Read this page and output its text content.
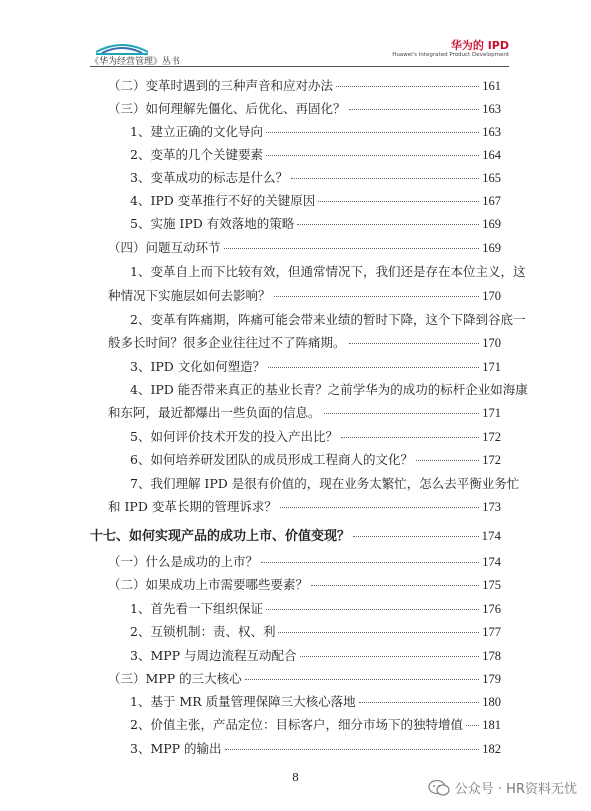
《华为经营管理》丛书
华为的 IPD
Huawei's Integrated Product Development
（二）变革时遇到的三种声音和应对办法	161
（三）如何理解先僵化、后优化、再固化？	163
1、建立正确的文化导向	163
2、变革的几个关键要素	164
3、变革成功的标志是什么？	165
4、IPD 变革推行不好的关键原因	167
5、实施 IPD 有效落地的策略	169
（四）问题互动环节	169
1、变革自上而下比较有效，但通常情况下，我们还是存在本位主义，这
种情况下实施层如何去影响？	170
2、变革有阵痛期，阵痛可能会带来业绩的暂时下降，这个下降到谷底一
般多长时间？很多企业往往过不了阵痛期。	170
3、IPD 文化如何塑造？	171
4、IPD 能否带来真正的基业长青？之前学华为的成功的标杆企业如海康
和东阿，最近都爆出一些负面的信息。	171
5、如何评价技术开发的投入产出比？	172
6、如何培养研发团队的成员形成工程商人的文化？	172
7、我们理解 IPD 是很有价值的，现在业务太繁忙，怎么去平衡业务忙
和 IPD 变革长期的管理诉求？	173
十七、如何实现产品的成功上市、价值变现？	174
（一）什么是成功的上市？	174
（二）如果成功上市需要哪些要素？	175
1、首先看一下组织保证	176
2、互锁机制：责、权、利	177
3、MPP 与周边流程互动配合	178
（三）MPP 的三大核心	179
1、基于 MR 质量管理保障三大核心落地	180
2、价值主张，产品定位：目标客户，细分市场下的独特增值 181
3、MPP 的输出	182
8
公众号 · HR资料无忧
